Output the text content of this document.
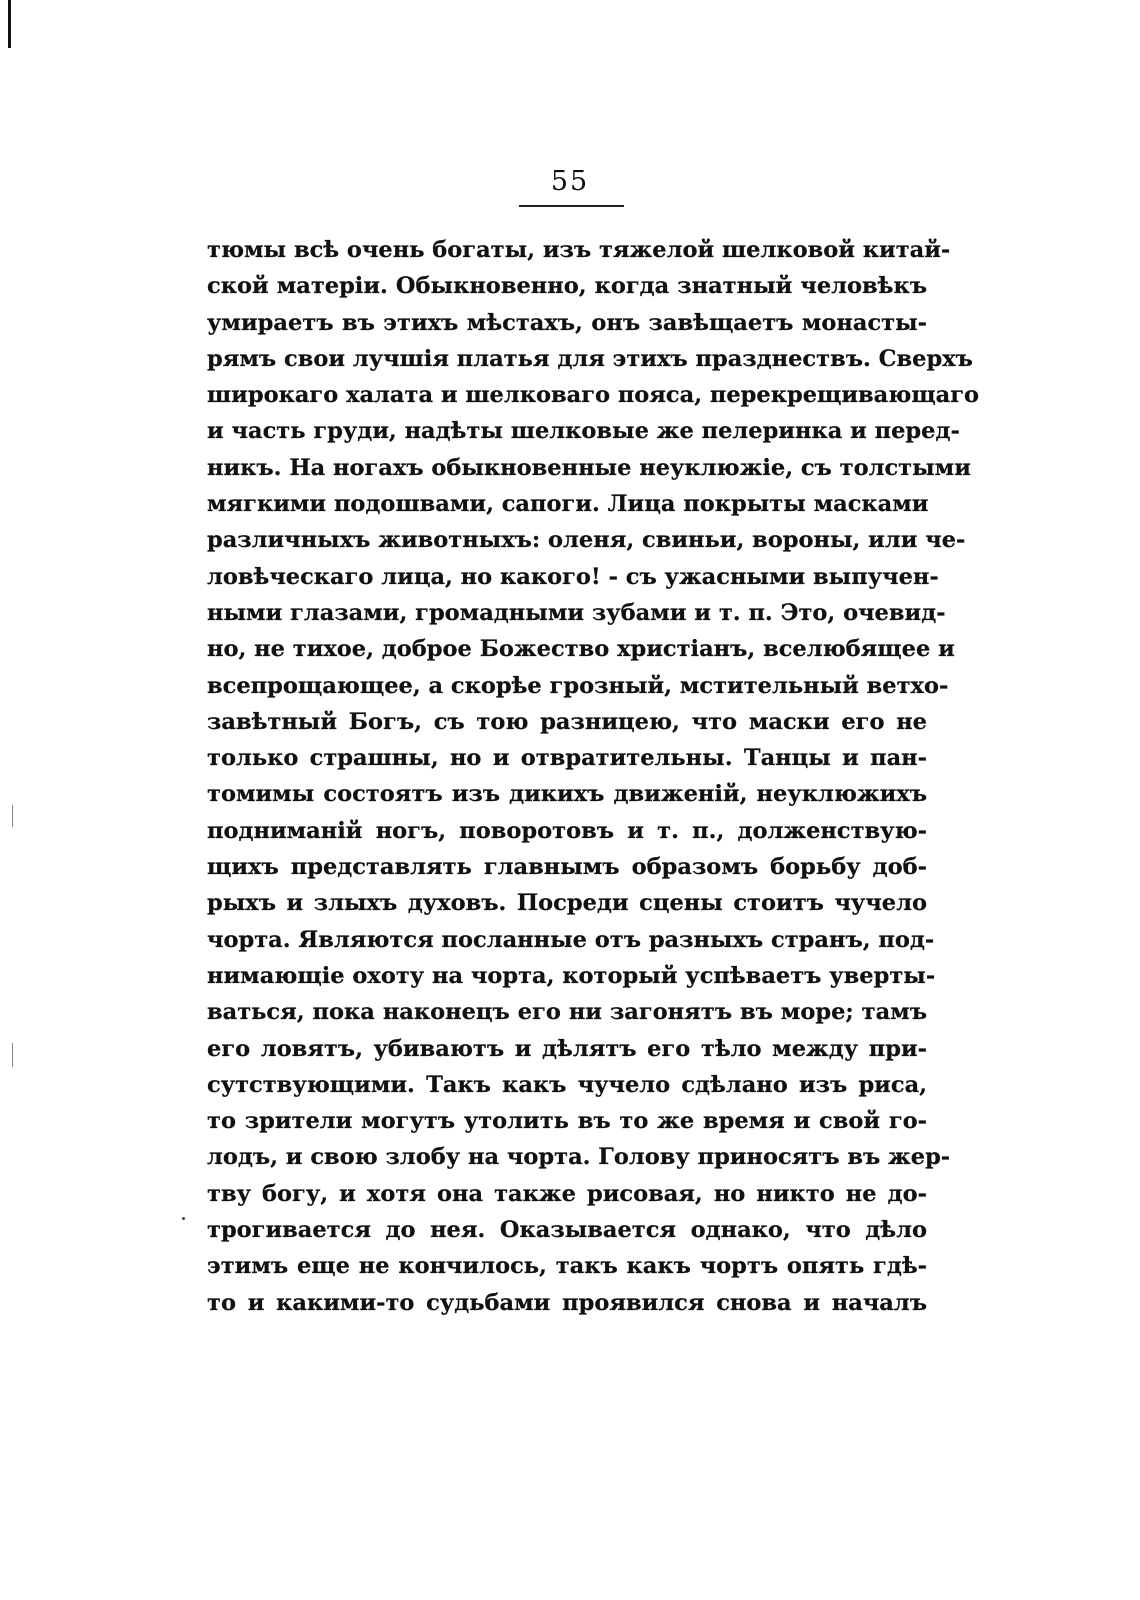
55
тюмы всѣ очень богаты, изъ тяжелой шелковой китай-
ской матеріи. Обыкновенно, когда знатный человѣкъ
умираетъ въ этихъ мѣстахъ, онъ завѣщаетъ монасты-
рямъ свои лучшія платья для этихъ празднествъ. Сверхъ
широкаго халата и шелковаго пояса, перекрещивающаго
и часть груди, надѣты шелковые же пелеринка и перед-
никъ. На ногахъ обыкновенные неуклюжіе, съ толстыми
мягкими подошвами, сапоги. Лица покрыты масками
различныхъ животныхъ: оленя, свиньи, вороны, или че-
ловѣческаго лица, но какого! - съ ужасными выпучен-
ными глазами, громадными зубами и т. п. Это, очевид-
но, не тихое, доброе Божество христіанъ, вселюбящее и
всепрощающее, а скорѣе грозный, мстительный ветхо-
завѣтный Богъ, съ тою разницею, что маски его не
только страшны, но и отвратительны. Танцы и пан-
томимы состоятъ изъ дикихъ движеній, неуклюжихъ
подниманій ногъ, поворотовъ и т. п., долженствую-
щихъ представлять главнымъ образомъ борьбу доб-
рыхъ и злыхъ духовъ. Посреди сцены стоитъ чучело
чорта. Являются посланные отъ разныхъ странъ, под-
нимающіе охоту на чорта, который успѣваетъ уверты-
ваться, пока наконецъ его ни загонятъ въ море; тамъ
его ловятъ, убиваютъ и дѣлятъ его тѣло между при-
сутствующими. Такъ какъ чучело сдѣлано изъ риса,
то зрители могутъ утолить въ то же время и свой го-
лодъ, и свою злобу на чорта. Голову приносятъ въ жер-
тву богу, и хотя она также рисовая, но никто не до-
трогивается до нея. Оказывается однако, что дѣло
этимъ еще не кончилось, такъ какъ чортъ опять гдѣ-
то и какими-то судьбами проявился снова и началъ
